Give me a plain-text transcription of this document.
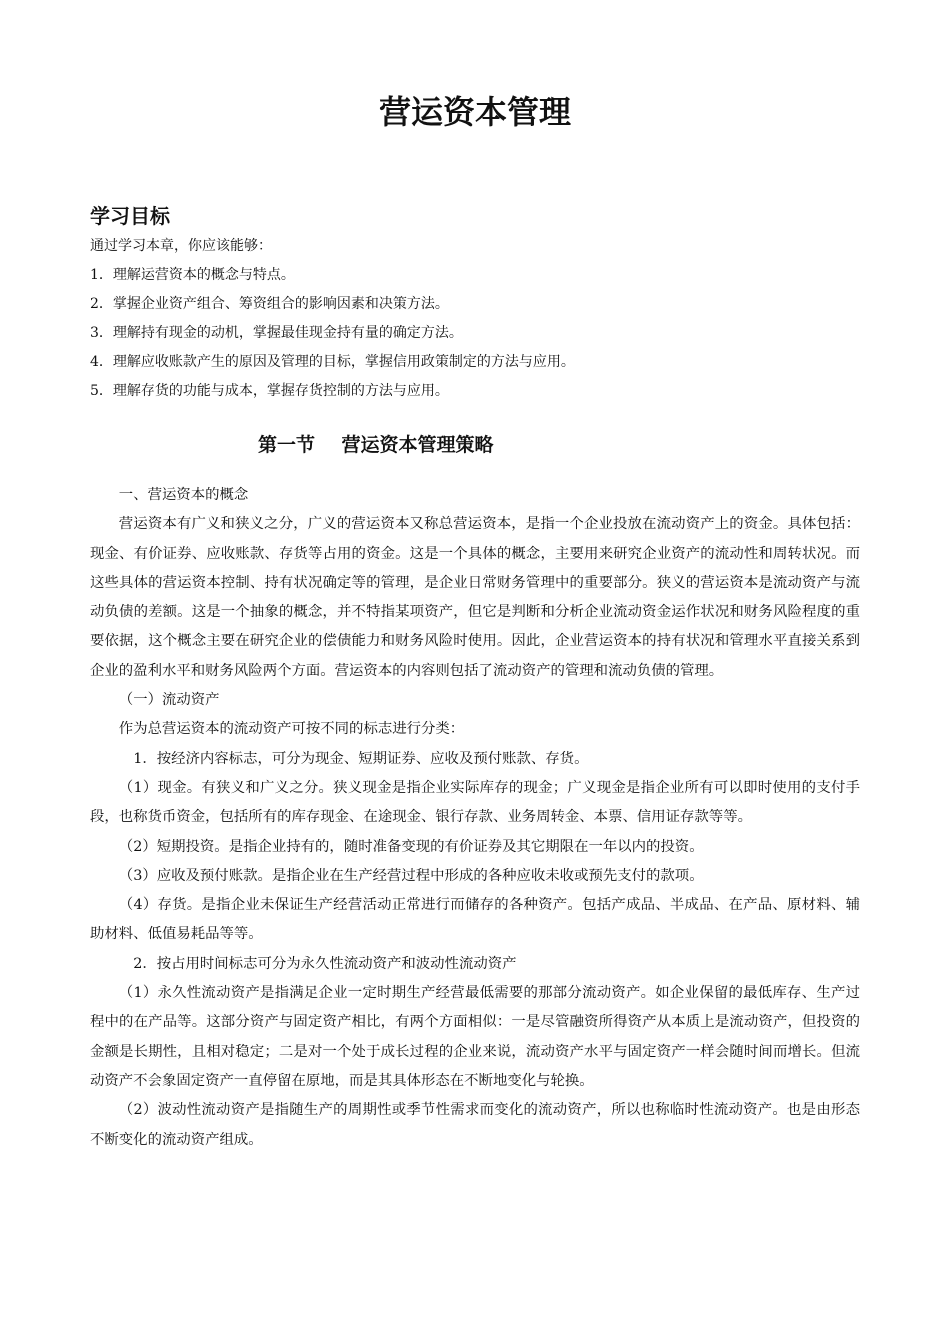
营运资本管理
学习目标

通过学习本章，你应该能够：

1．理解运营资本的概念与特点。

2．掌握企业资产组合、筹资组合的影响因素和决策方法。

3．理解持有现金的动机，掌握最佳现金持有量的确定方法。

4．理解应收账款产生的原因及管理的目标，掌握信用政策制定的方法与应用。

5．理解存货的功能与成本，掌握存货控制的方法与应用。

第一节    营运资本管理策略

一、营运资本的概念

营运资本有广义和狭义之分，广义的营运资本又称总营运资本，是指一个企业投放在流动资产上的资金。具体包括：现金、有价证券、应收账款、存货等占用的资金。这是一个具体的概念，主要用来研究企业资产的流动性和周转状况。而这些具体的营运资本控制、持有状况确定等的管理，是企业日常财务管理中的重要部分。狭义的营运资本是流动资产与流动负债的差额。这是一个抽象的概念，并不特指某项资产，但它是判断和分析企业流动资金运作状况和财务风险程度的重要依据，这个概念主要在研究企业的偿债能力和财务风险时使用。因此，企业营运资本的持有状况和管理水平直接关系到企业的盈利水平和财务风险两个方面。营运资本的内容则包括了流动资产的管理和流动负债的管理。

（一）流动资产

作为总营运资本的流动资产可按不同的标志进行分类：

1．按经济内容标志，可分为现金、短期证券、应收及预付账款、存货。

（1）现金。有狭义和广义之分。狭义现金是指企业实际库存的现金；广义现金是指企业所有可以即时使用的支付手段，也称货币资金，包括所有的库存现金、在途现金、银行存款、业务周转金、本票、信用证存款等等。

（2）短期投资。是指企业持有的，随时准备变现的有价证券及其它期限在一年以内的投资。

（3）应收及预付账款。是指企业在生产经营过程中形成的各种应收未收或预先支付的款项。

（4）存货。是指企业未保证生产经营活动正常进行而储存的各种资产。包括产成品、半成品、在产品、原材料、辅助材料、低值易耗品等等。

2．按占用时间标志可分为永久性流动资产和波动性流动资产

（1）永久性流动资产是指满足企业一定时期生产经营最低需要的那部分流动资产。如企业保留的最低库存、生产过程中的在产品等。这部分资产与固定资产相比，有两个方面相似：一是尽管融资所得资产从本质上是流动资产，但投资的金额是长期性，且相对稳定；二是对一个处于成长过程的企业来说，流动资产水平与固定资产一样会随时间而增长。但流动资产不会象固定资产一直停留在原地，而是其具体形态在不断地变化与轮换。

（2）波动性流动资产是指随生产的周期性或季节性需求而变化的流动资产，所以也称临时性流动资产。也是由形态不断变化的流动资产组成。
